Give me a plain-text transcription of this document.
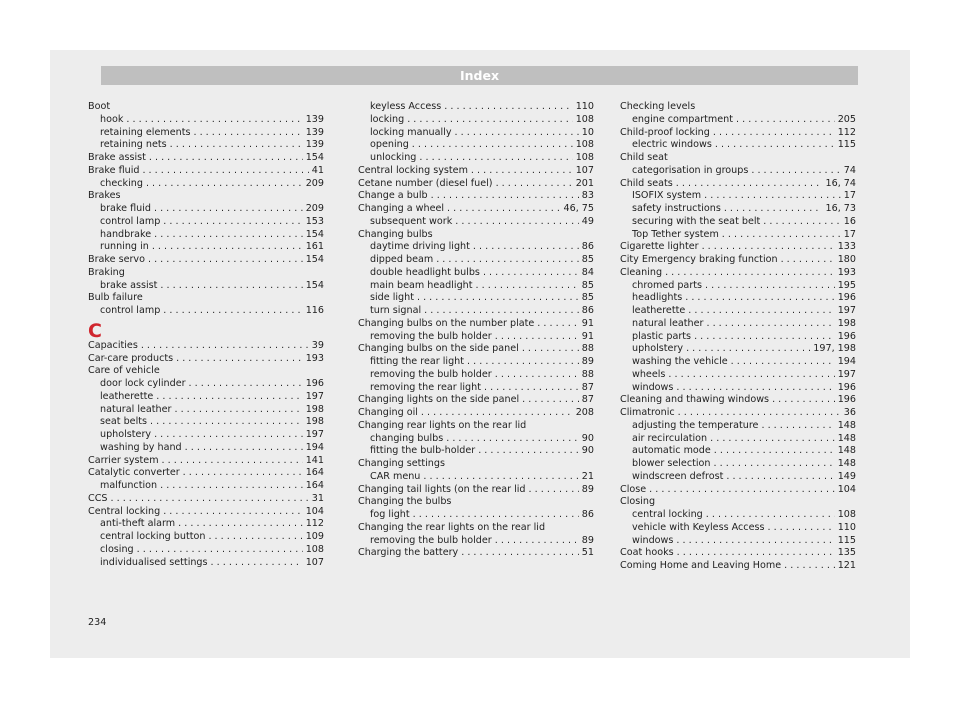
Index
Boot
hook . . .	139
retaining elements . . .	139
retaining nets . . .	139
Brake assist . . .	154
Brake fluid . . .	41
checking . . .	209
Brakes
brake fluid . . .	209
control lamp . . .	153
handbrake . . .	154
running in . . .	161
Brake servo . . .	154
Braking
brake assist . . .	154
Bulb failure
control lamp . . .	116
C
Capacities . . .	39
Car-care products . . .	193
Care of vehicle
door lock cylinder . . .	196
leatherette . . .	197
natural leather . . .	198
seat belts . . .	198
upholstery . . .	197
washing by hand . . .	194
Carrier system . . .	141
Catalytic converter . . .	164
malfunction . . .	164
CCS . . .	31
Central locking . . .	104
anti-theft alarm . . .	112
central locking button . . .	109
closing . . .	108
individualised settings . . .	107
keyless Access . . .	110
locking . . .	108
locking manually . . .	10
opening . . .	108
unlocking . . .	108
Central locking system . . .	107
Cetane number (diesel fuel) . . .	201
Change a bulb . . .	83
Changing a wheel . . .	46, 75
subsequent work . . .	49
Changing bulbs
daytime driving light . . .	86
dipped beam . . .	85
double headlight bulbs . . .	84
main beam headlight . . .	85
side light . . .	85
turn signal . . .	86
Changing bulbs on the number plate . . .	91
removing the bulb holder . . .	91
Changing bulbs on the side panel . . .	88
fitting the rear light . . .	89
removing the bulb holder . . .	88
removing the rear light . . .	87
Changing lights on the side panel . . .	87
Changing oil . . .	208
Changing rear lights on the rear lid
changing bulbs . . .	90
fitting the bulb-holder . . .	90
Changing settings
CAR menu . . .	21
Changing tail lights (on the rear lid . . .	89
Changing the bulbs
fog light . . .	86
Changing the rear lights on the rear lid
removing the bulb holder . . .	89
Charging the battery . . .	51
Checking levels
engine compartment . . .	205
Child-proof locking . . .	112
electric windows . . .	115
Child seat
categorisation in groups . . .	74
Child seats . . .	16, 74
ISOFIX system . . .	17
safety instructions . . .	16, 73
securing with the seat belt . . .	16
Top Tether system . . .	17
Cigarette lighter . . .	133
City Emergency braking function . . .	180
Cleaning . . .	193
chromed parts . . .	195
headlights . . .	196
leatherette . . .	197
natural leather . . .	198
plastic parts . . .	196
upholstery . . .	197, 198
washing the vehicle . . .	194
wheels . . .	197
windows . . .	196
Cleaning and thawing windows . . .	196
Climatronic . . .	36
adjusting the temperature . . .	148
air recirculation . . .	148
automatic mode . . .	148
blower selection . . .	148
windscreen defrost . . .	149
Close . . .	104
Closing
central locking . . .	108
vehicle with Keyless Access . . .	110
windows . . .	115
Coat hooks . . .	135
Coming Home and Leaving Home . . .	121
234
